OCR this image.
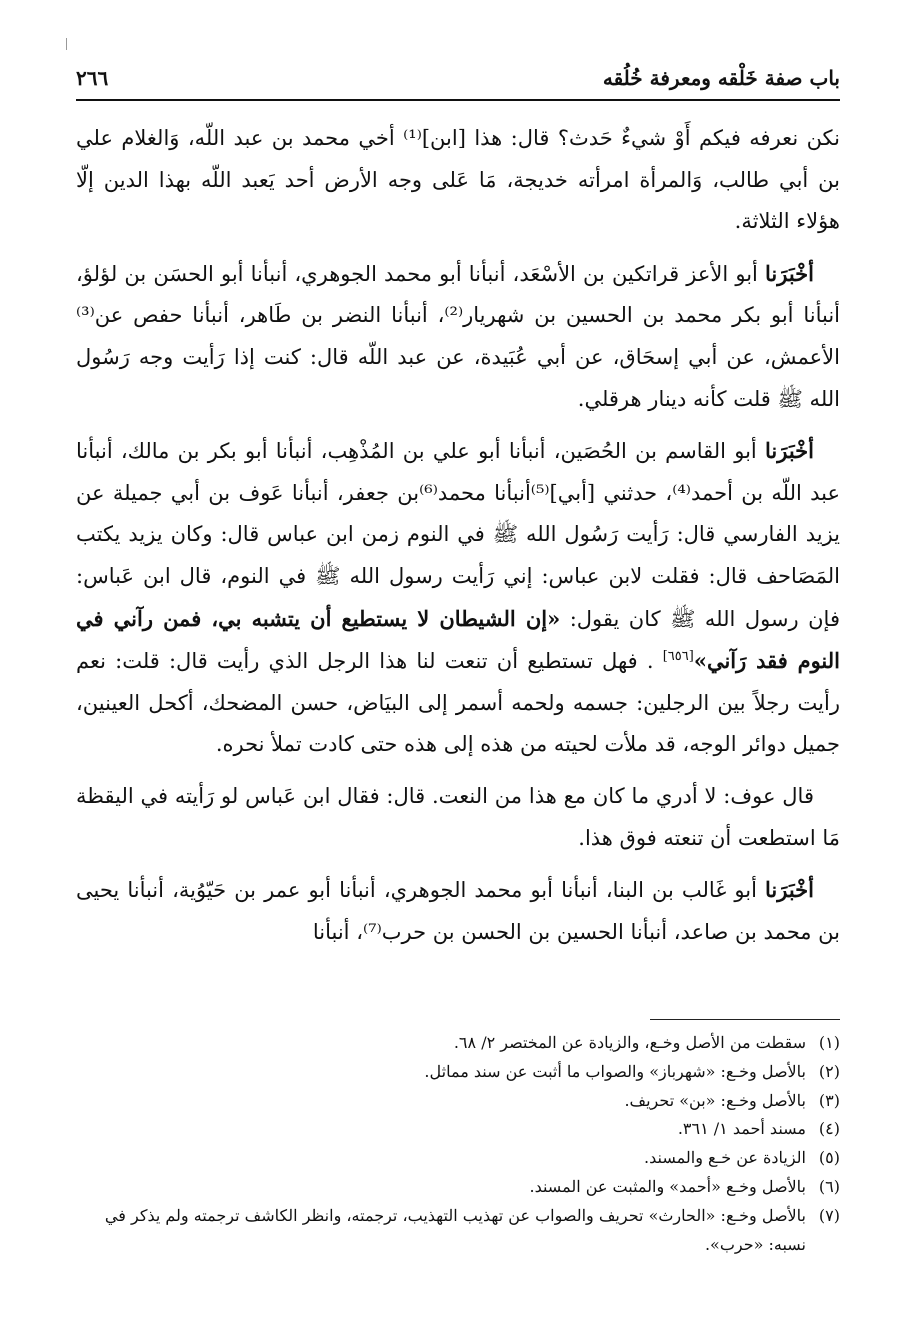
باب صفة خَلْقه ومعرفة خُلُقه
٢٦٦

نكن نعرفه فيكم أَوْ شيءٌ حَدث؟ قال: هذا [ابن]⁽¹⁾ أخي محمد بن عبد اللّه، وَالغلام علي بن أبي طالب، وَالمرأة امرأته خديجة، مَا عَلى وجه الأرض أحد يَعبد اللّه بهذا الدين إلّا هؤلاء الثلاثة.

أخْبَرَنا أبو الأعز قراتكين بن الأسْعَد، أنبأنا أبو محمد الجوهري، أنبأنا أبو الحسَن بن لؤلؤ، أنبأنا أبو بكر محمد بن الحسين بن شهريار⁽²⁾، أنبأنا النضر بن طَاهر، أنبأنا حفص عن⁽³⁾ الأعمش، عن أبي إسحَاق، عن أبي عُبَيدة، عن عبد اللّه قال: كنت إذا رَأيت وجه رَسُول الله ﷺ قلت كأنه دينار هرقلي.

أخْبَرَنا أبو القاسم بن الحُصَين، أنبأنا أبو علي بن المُذْهِب، أنبأنا أبو بكر بن مالك، أنبأنا عبد اللّه بن أحمد⁽⁴⁾، حدثني [أبي]⁽⁵⁾أنبأنا محمد⁽⁶⁾بن جعفر، أنبأنا عَوف بن أبي جميلة عن يزيد الفارسي قال: رَأيت رَسُول الله ﷺ في النوم زمن ابن عباس قال: وكان يزيد يكتب المَصَاحف قال: فقلت لابن عباس: إني رَأيت رسول الله ﷺ في النوم، قال ابن عَباس: فإن رسول الله ﷺ كان يقول: «إن الشيطان لا يستطيع أن يتشبه بي، فمن رآني في النوم فقد رَآني»[٦٥٦] . فهل تستطيع أن تنعت لنا هذا الرجل الذي رأيت قال: قلت: نعم رأيت رجلاً بين الرجلين: جسمه ولحمه أسمر إلى البيَاض، حسن المضحك، أكحل العينين، جميل دوائر الوجه، قد ملأت لحيته من هذه إلى هذه حتى كادت تملأ نحره.

قال عوف: لا أدري ما كان مع هذا من النعت. قال: فقال ابن عَباس لو رَأيته في اليقظة مَا استطعت أن تنعته فوق هذا.

أخْبَرَنا أبو غَالب بن البنا، أنبأنا أبو محمد الجوهري، أنبأنا أبو عمر بن حَيّوُية، أنبأنا يحيى بن محمد بن صاعد، أنبأنا الحسين بن الحسن بن حرب⁽⁷⁾، أنبأنا

(١)
سقطت من الأصل وخـع، والزيادة عن المختصر ٢/ ٦٨.
(٢)
بالأصل وخـع: «شهرباز» والصواب ما أثبت عن سند مماثل.
(٣)
بالأصل وخـع: «بن» تحريف.
(٤)
مسند أحمد ١/ ٣٦١.
(٥)
الزيادة عن خـع والمسند.
(٦)
بالأصل وخـع «أحمد» والمثبت عن المسند.
(٧)
بالأصل وخـع: «الحارث» تحريف والصواب عن تهذيب التهذيب، ترجمته، وانظر الكاشف ترجمته ولم يذكر في نسبه: «حرب».
